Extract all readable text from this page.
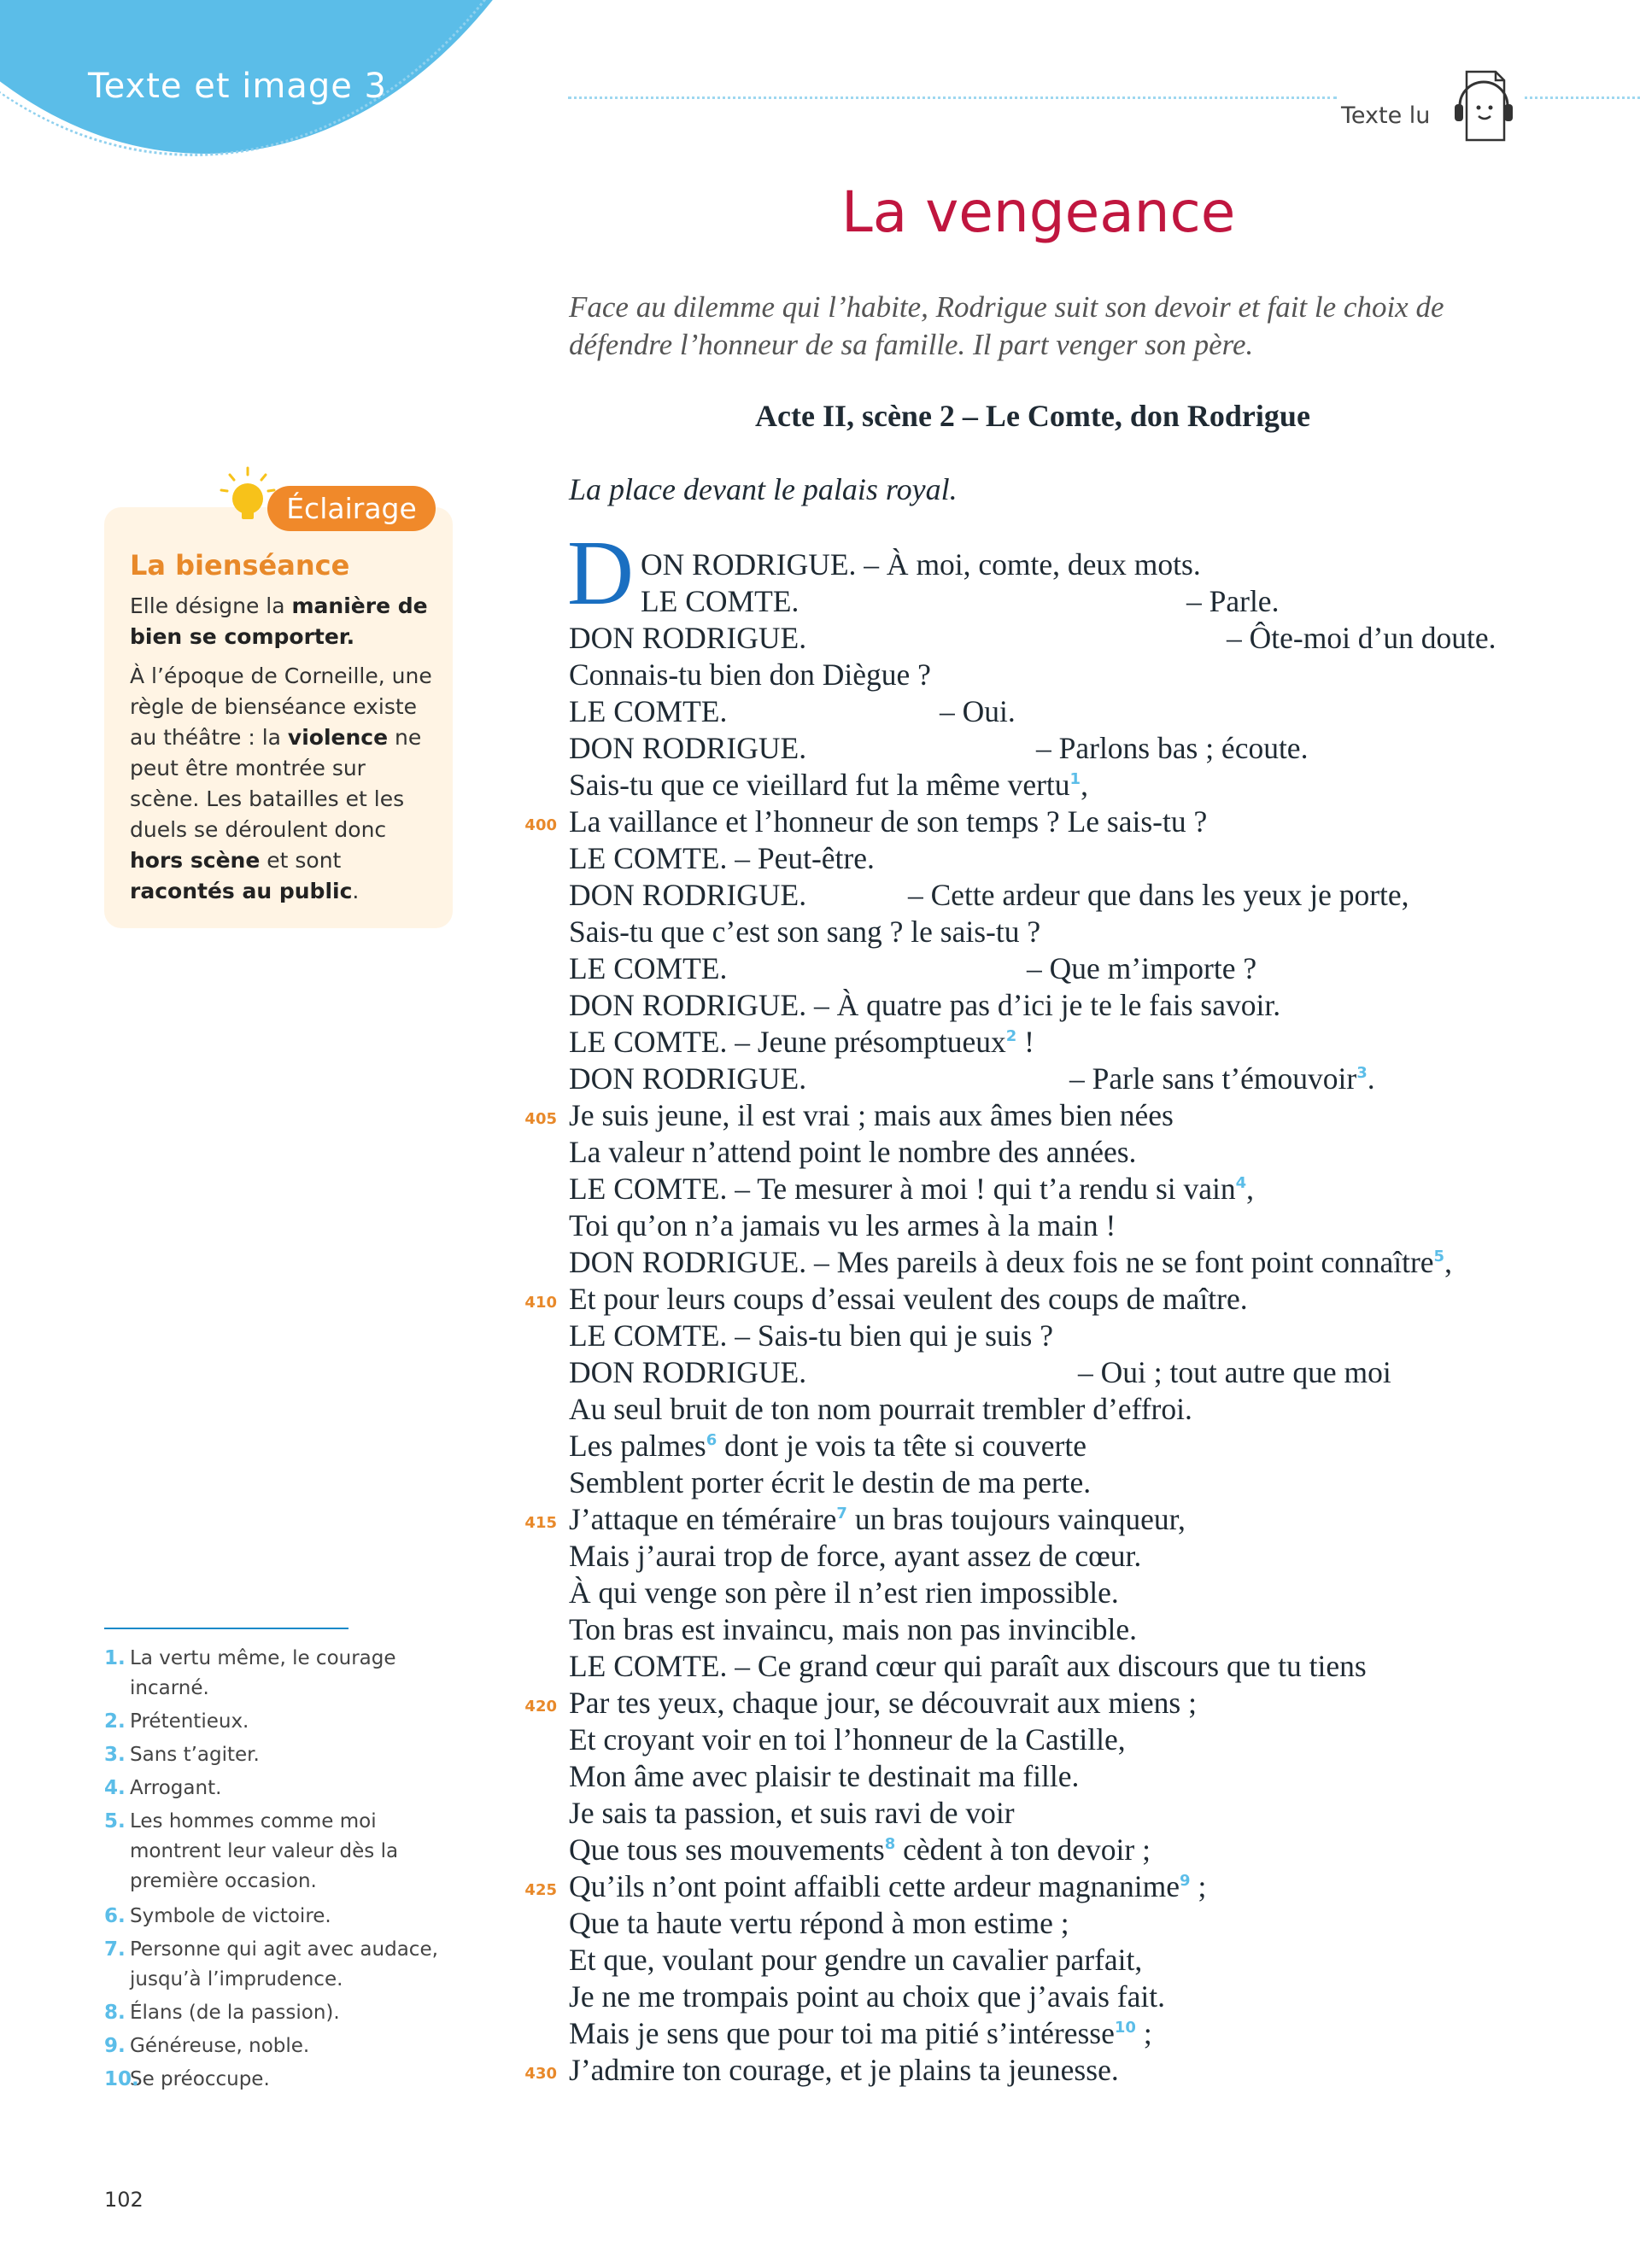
Texte et image 3
Texte lu
La vengeance
Face au dilemme qui l’habite, Rodrigue suit son devoir et fait le choix de défendre l’honneur de sa famille. Il part venger son père.
Acte II, scène 2 – Le Comte, don Rodrigue
La place devant le palais royal.
Éclairage
La bienséance
Elle désigne la manière de bien se comporter.
À l’époque de Corneille, une règle de bienséance existe au théâtre : la violence ne peut être montrée sur scène. Les batailles et les duels se déroulent donc hors scène et sont racontés au public.
D ON RODRIGUE. – À moi, comte, deux mots.
LE COMTE.	– Parle.
DON RODRIGUE.	– Ôte-moi d’un doute.
Connais-tu bien don Diègue ?
LE COMTE.	– Oui.
DON RODRIGUE.	– Parlons bas ; écoute.
Sais-tu que ce vieillard fut la même vertu$^1$,
400 La vaillance et l’honneur de son temps ? Le sais-tu ?
LE COMTE. – Peut-être.
DON RODRIGUE.	– Cette ardeur que dans les yeux je porte,
Sais-tu que c’est son sang ? le sais-tu ?
LE COMTE.	– Que m’importe ?
DON RODRIGUE. – À quatre pas d’ici je te le fais savoir.
LE COMTE. – Jeune présomptueux$^2$ !
DON RODRIGUE.	– Parle sans t’émouvoir$^3$.
405 Je suis jeune, il est vrai ; mais aux âmes bien nées
La valeur n’attend point le nombre des années.
LE COMTE. – Te mesurer à moi ! qui t’a rendu si vain$^4$,
Toi qu’on n’a jamais vu les armes à la main !
DON RODRIGUE. – Mes pareils à deux fois ne se font point connaître$^5$,
410 Et pour leurs coups d’essai veulent des coups de maître.
LE COMTE. – Sais-tu bien qui je suis ?
DON RODRIGUE.	– Oui ; tout autre que moi
Au seul bruit de ton nom pourrait trembler d’effroi.
Les palmes$^6$ dont je vois ta tête si couverte
Semblent porter écrit le destin de ma perte.
415 J’attaque en téméraire$^7$ un bras toujours vainqueur,
Mais j’aurai trop de force, ayant assez de cœur.
À qui venge son père il n’est rien impossible.
Ton bras est invaincu, mais non pas invincible.
LE COMTE. – Ce grand cœur qui paraît aux discours que tu tiens
420 Par tes yeux, chaque jour, se découvrait aux miens ;
Et croyant voir en toi l’honneur de la Castille,
Mon âme avec plaisir te destinait ma fille.
Je sais ta passion, et suis ravi de voir
Que tous ses mouvements$^8$ cèdent à ton devoir ;
425 Qu’ils n’ont point affaibli cette ardeur magnanime$^9$ ;
Que ta haute vertu répond à mon estime ;
Et que, voulant pour gendre un cavalier parfait,
Je ne me trompais point au choix que j’avais fait.
Mais je sens que pour toi ma pitié s’intéresse$^{10}$ ;
430 J’admire ton courage, et je plains ta jeunesse.
1. La vertu même, le courage incarné.
2. Prétentieux.
3. Sans t’agiter.
4. Arrogant.
5. Les hommes comme moi montrent leur valeur dès la première occasion.
6. Symbole de victoire.
7. Personne qui agit avec audace, jusqu’à l’imprudence.
8. Élans (de la passion).
9. Généreuse, noble.
10.
Se préoccupe.
102
